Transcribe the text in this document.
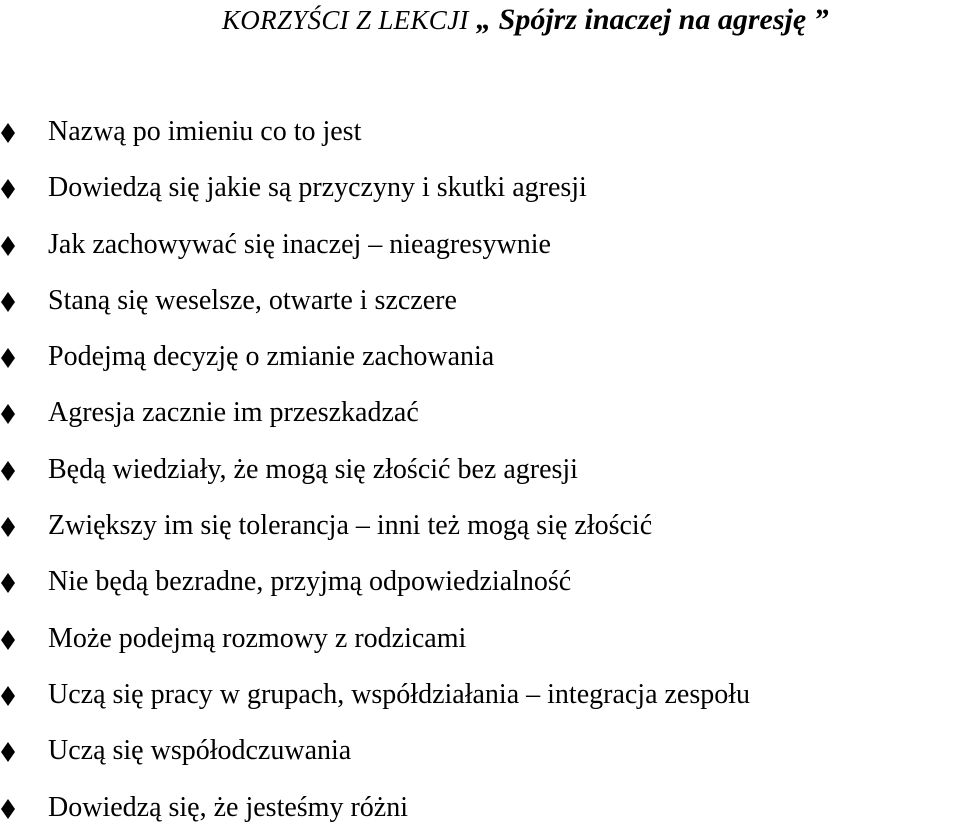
KORZYŚCI Z LEKCJI „ Spójrz inaczej na agresję ”
Nazwą po imieniu co to jest
Dowiedzą się jakie są przyczyny i skutki agresji
Jak zachowywać się inaczej – nieagresywnie
Staną się weselsze, otwarte i szczere
Podejmą decyzję o zmianie zachowania
Agresja zacznie im przeszkadzać
Będą wiedziały, że mogą się złościć bez agresji
Zwiększy im się tolerancja – inni też mogą się złościć
Nie będą bezradne, przyjmą odpowiedzialność
Może podejmą rozmowy z rodzicami
Uczą się pracy w grupach, współdziałania – integracja zespołu
Uczą się współodczuwania
Dowiedzą się, że jesteśmy różni
